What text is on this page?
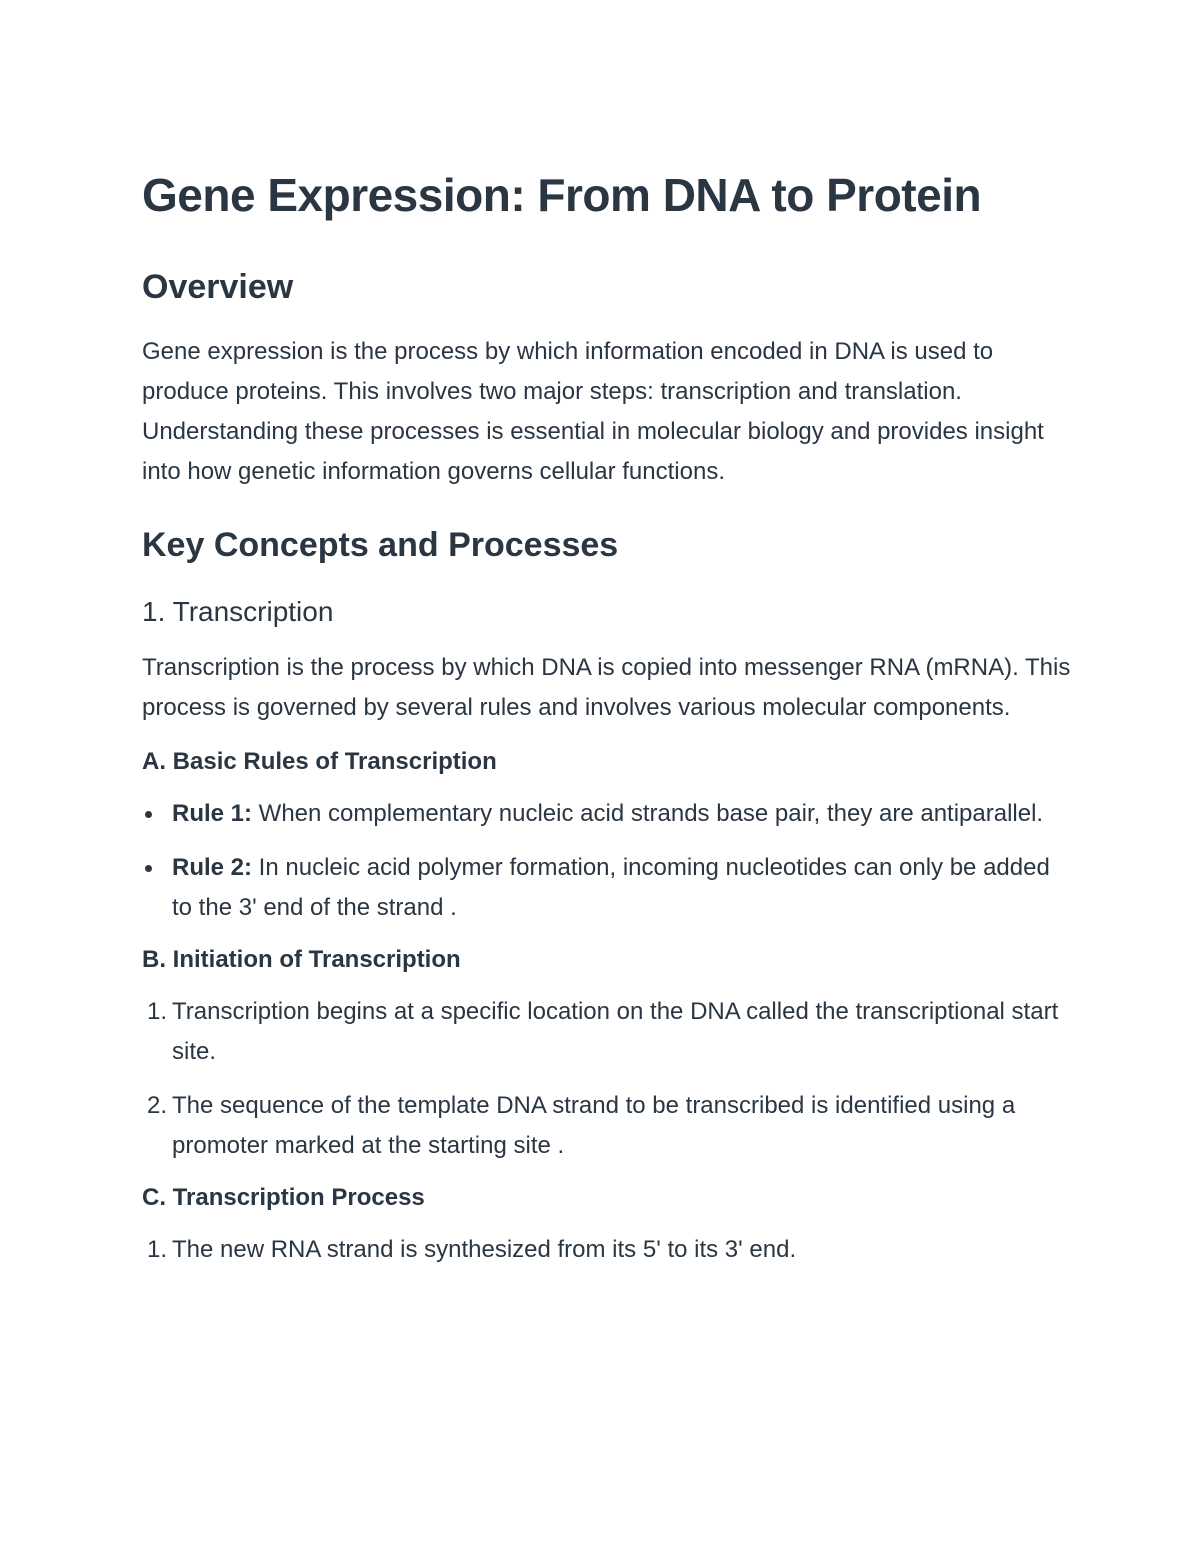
Gene Expression: From DNA to Protein
Overview

Gene expression is the process by which information encoded in DNA is used to produce proteins. This involves two major steps: transcription and translation. Understanding these processes is essential in molecular biology and provides insight into how genetic information governs cellular functions.

Key Concepts and Processes
1. Transcription

Transcription is the process by which DNA is copied into messenger RNA (mRNA). This process is governed by several rules and involves various molecular components.

A. Basic Rules of Transcription
Rule 1: When complementary nucleic acid strands base pair, they are antiparallel.
Rule 2: In nucleic acid polymer formation, incoming nucleotides can only be added to the 3' end of the strand .
B. Initiation of Transcription
1. Transcription begins at a specific location on the DNA called the transcriptional start site.
2. The sequence of the template DNA strand to be transcribed is identified using a promoter marked at the starting site .
C. Transcription Process
1. The new RNA strand is synthesized from its 5' to its 3' end.
